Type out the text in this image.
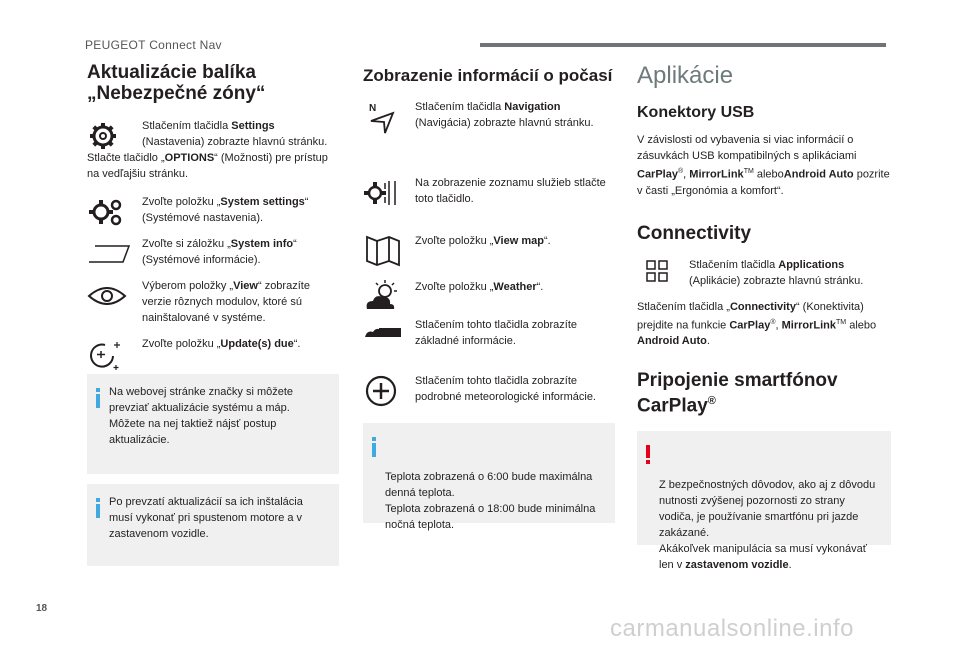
PEUGEOT Connect Nav
Aktualizácie balíka
„Nebezpečné zóny“

Stlačením tlačidla Settings (Nastavenia) zobrazte hlavnú stránku.

Stlačte tlačidlo „OPTIONS“ (Možnosti) pre prístup na vedľajšiu stránku.

Zvoľte položku „System settings“ (Systémové nastavenia).

Zvoľte si záložku „System info“ (Systémové informácie).

Výberom položky „View“ zobrazíte verzie rôznych modulov, ktoré sú nainštalované v systéme.

Zvoľte položku „Update(s) due“.

Na webovej stránke značky si môžete prevziať aktualizácie systému a máp. Môžete na nej taktiež nájsť postup aktualizácie.

Po prevzatí aktualizácií sa ich inštalácia musí vykonať pri spustenom motore a v zastavenom vozidle.

Zobrazenie informácií o počasí
N	Stlačením tlačidla Navigation (Navigácia) zobrazte hlavnú stránku.

Na zobrazenie zoznamu služieb stlačte toto tlačidlo.

Zvoľte položku „View map“.

Zvoľte položku „Weather“.

Stlačením tohto tlačidla zobrazíte základné informácie.

Stlačením tohto tlačidla zobrazíte podrobné meteorologické informácie.

Teplota zobrazená o 6:00 bude maximálna denná teplota.
Teplota zobrazená o 18:00 bude minimálna nočná teplota.

Aplikácie
Konektory USB

V závislosti od vybavenia si viac informácií o zásuvkách USB kompatibilných s aplikáciami CarPlay®, MirrorLink™ aleboAndroid Auto pozrite v časti „Ergonómia a komfort“.

Connectivity

Stlačením tlačidla Applications (Aplikácie) zobrazte hlavnú stránku.

Stlačením tlačidla „Connectivity“ (Konektivita) prejdite na funkcie CarPlay®, MirrorLink™ alebo Android Auto.

Pripojenie smartfónov
CarPlay®

Z bezpečnostných dôvodov, ako aj z dôvodu nutnosti zvýšenej pozornosti zo strany vodiča, je používanie smartfónu pri jazde zakázané.
Akákoľvek manipulácia sa musí vykonávať len v zastavenom vozidle.

18
carmanualsonline.info
